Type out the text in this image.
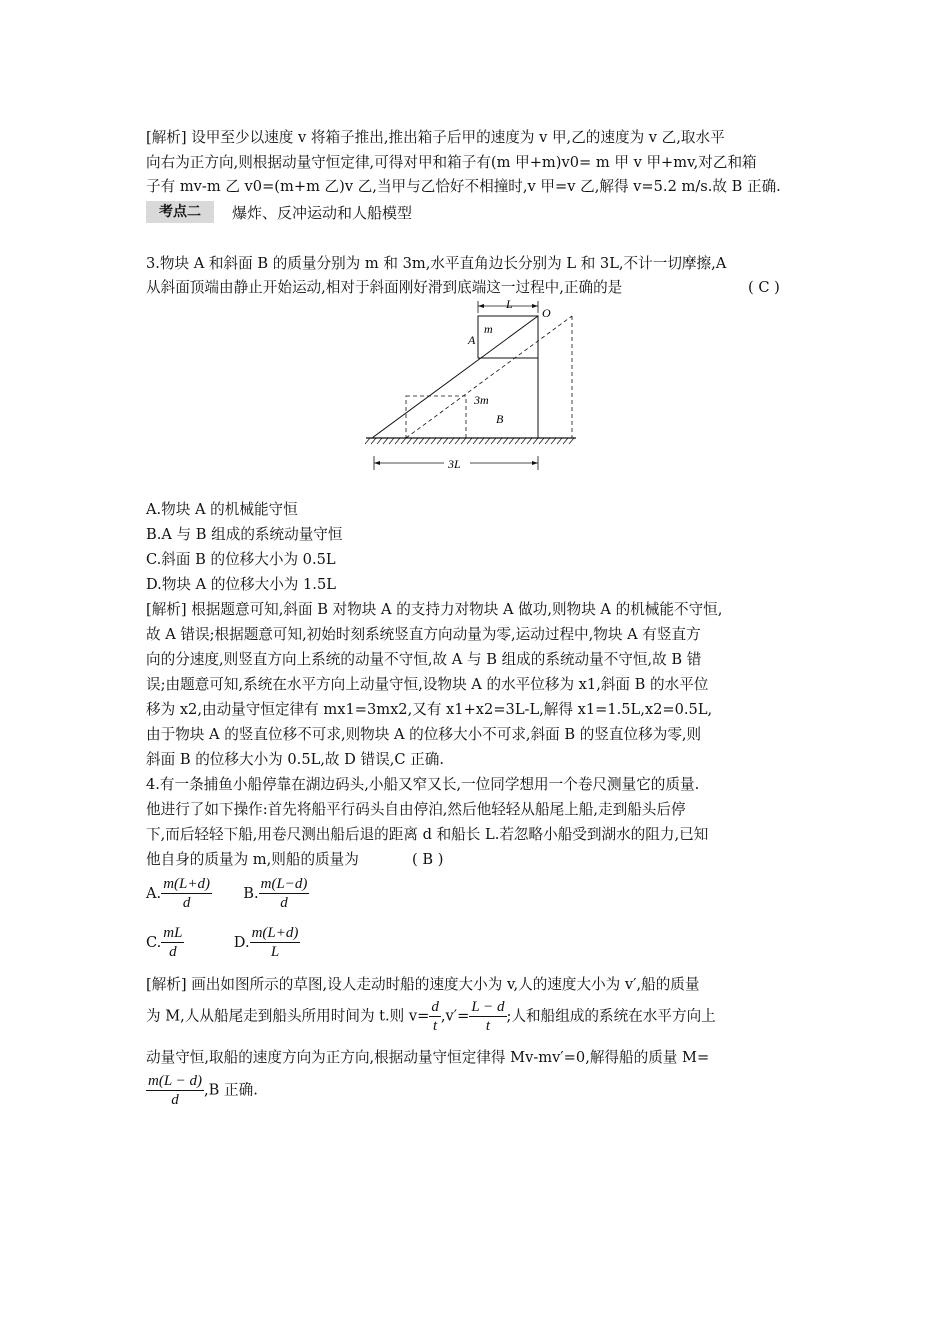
[解析] 设甲至少以速度 v 将箱子推出,推出箱子后甲的速度为 v 甲,乙的速度为 v 乙,取水平
向右为正方向,则根据动量守恒定律,可得对甲和箱子有(m 甲+m)v0= m 甲 v 甲+mv,对乙和箱
子有 mv-m 乙 v0=(m+m 乙)v 乙,当甲与乙恰好不相撞时,v 甲=v 乙,解得 v=5.2 m/s.故 B 正确.
考点二	爆炸、反冲运动和人船模型
3.物块 A 和斜面 B 的质量分别为 m 和 3m,水平直角边长分别为 L 和 3L,不计一切摩擦,A
从斜面顶端由静止开始运动,相对于斜面刚好滑到底端这一过程中,正确的是	( C )
L
O
m
A
3m
B
3L
A.物块 A 的机械能守恒
B.A 与 B 组成的系统动量守恒
C.斜面 B 的位移大小为 0.5L
D.物块 A 的位移大小为 1.5L
[解析] 根据题意可知,斜面 B 对物块 A 的支持力对物块 A 做功,则物块 A 的机械能不守恒,
故 A 错误;根据题意可知,初始时刻系统竖直方向动量为零,运动过程中,物块 A 有竖直方
向的分速度,则竖直方向上系统的动量不守恒,故 A 与 B 组成的系统动量不守恒,故 B 错
误;由题意可知,系统在水平方向上动量守恒,设物块 A 的水平位移为 x1,斜面 B 的水平位
移为 x2,由动量守恒定律有 mx1=3mx2,又有 x1+x2=3L-L,解得 x1=1.5L,x2=0.5L,
由于物块 A 的竖直位移不可求,则物块 A 的位移大小不可求,斜面 B 的竖直位移为零,则
斜面 B 的位移大小为 0.5L,故 D 错误,C 正确.
4.有一条捕鱼小船停靠在湖边码头,小船又窄又长,一位同学想用一个卷尺测量它的质量.
他进行了如下操作:首先将船平行码头自由停泊,然后他轻轻从船尾上船,走到船头后停
下,而后轻轻下船,用卷尺测出船后退的距离 d 和船长 L.若忽略小船受到湖水的阻力,已知
他自身的质量为 m,则船的质量为	( B )
A. $\frac{m(L+d)}{d} B$. $\frac{m(L-d)}{d}$
C. $\frac{mL}{d}$	D. $\frac{m(L+d)}{L}$
[解析] 画出如图所示的草图,设人走动时船的速度大小为 v,人的速度大小为 v′,船的质量
为 M,人从船尾走到船头所用时间为 t.则 $v= \frac{d}{t} ,v'= \frac{L - d}{t}$ ;人和船组成的系统在水平方向上
动量守恒,取船的速度方向为正方向,根据动量守恒定律得 Mv-mv′=0,解得船的质量 M=
$\frac{m(L - d)}{d} ,B$ 正确.
